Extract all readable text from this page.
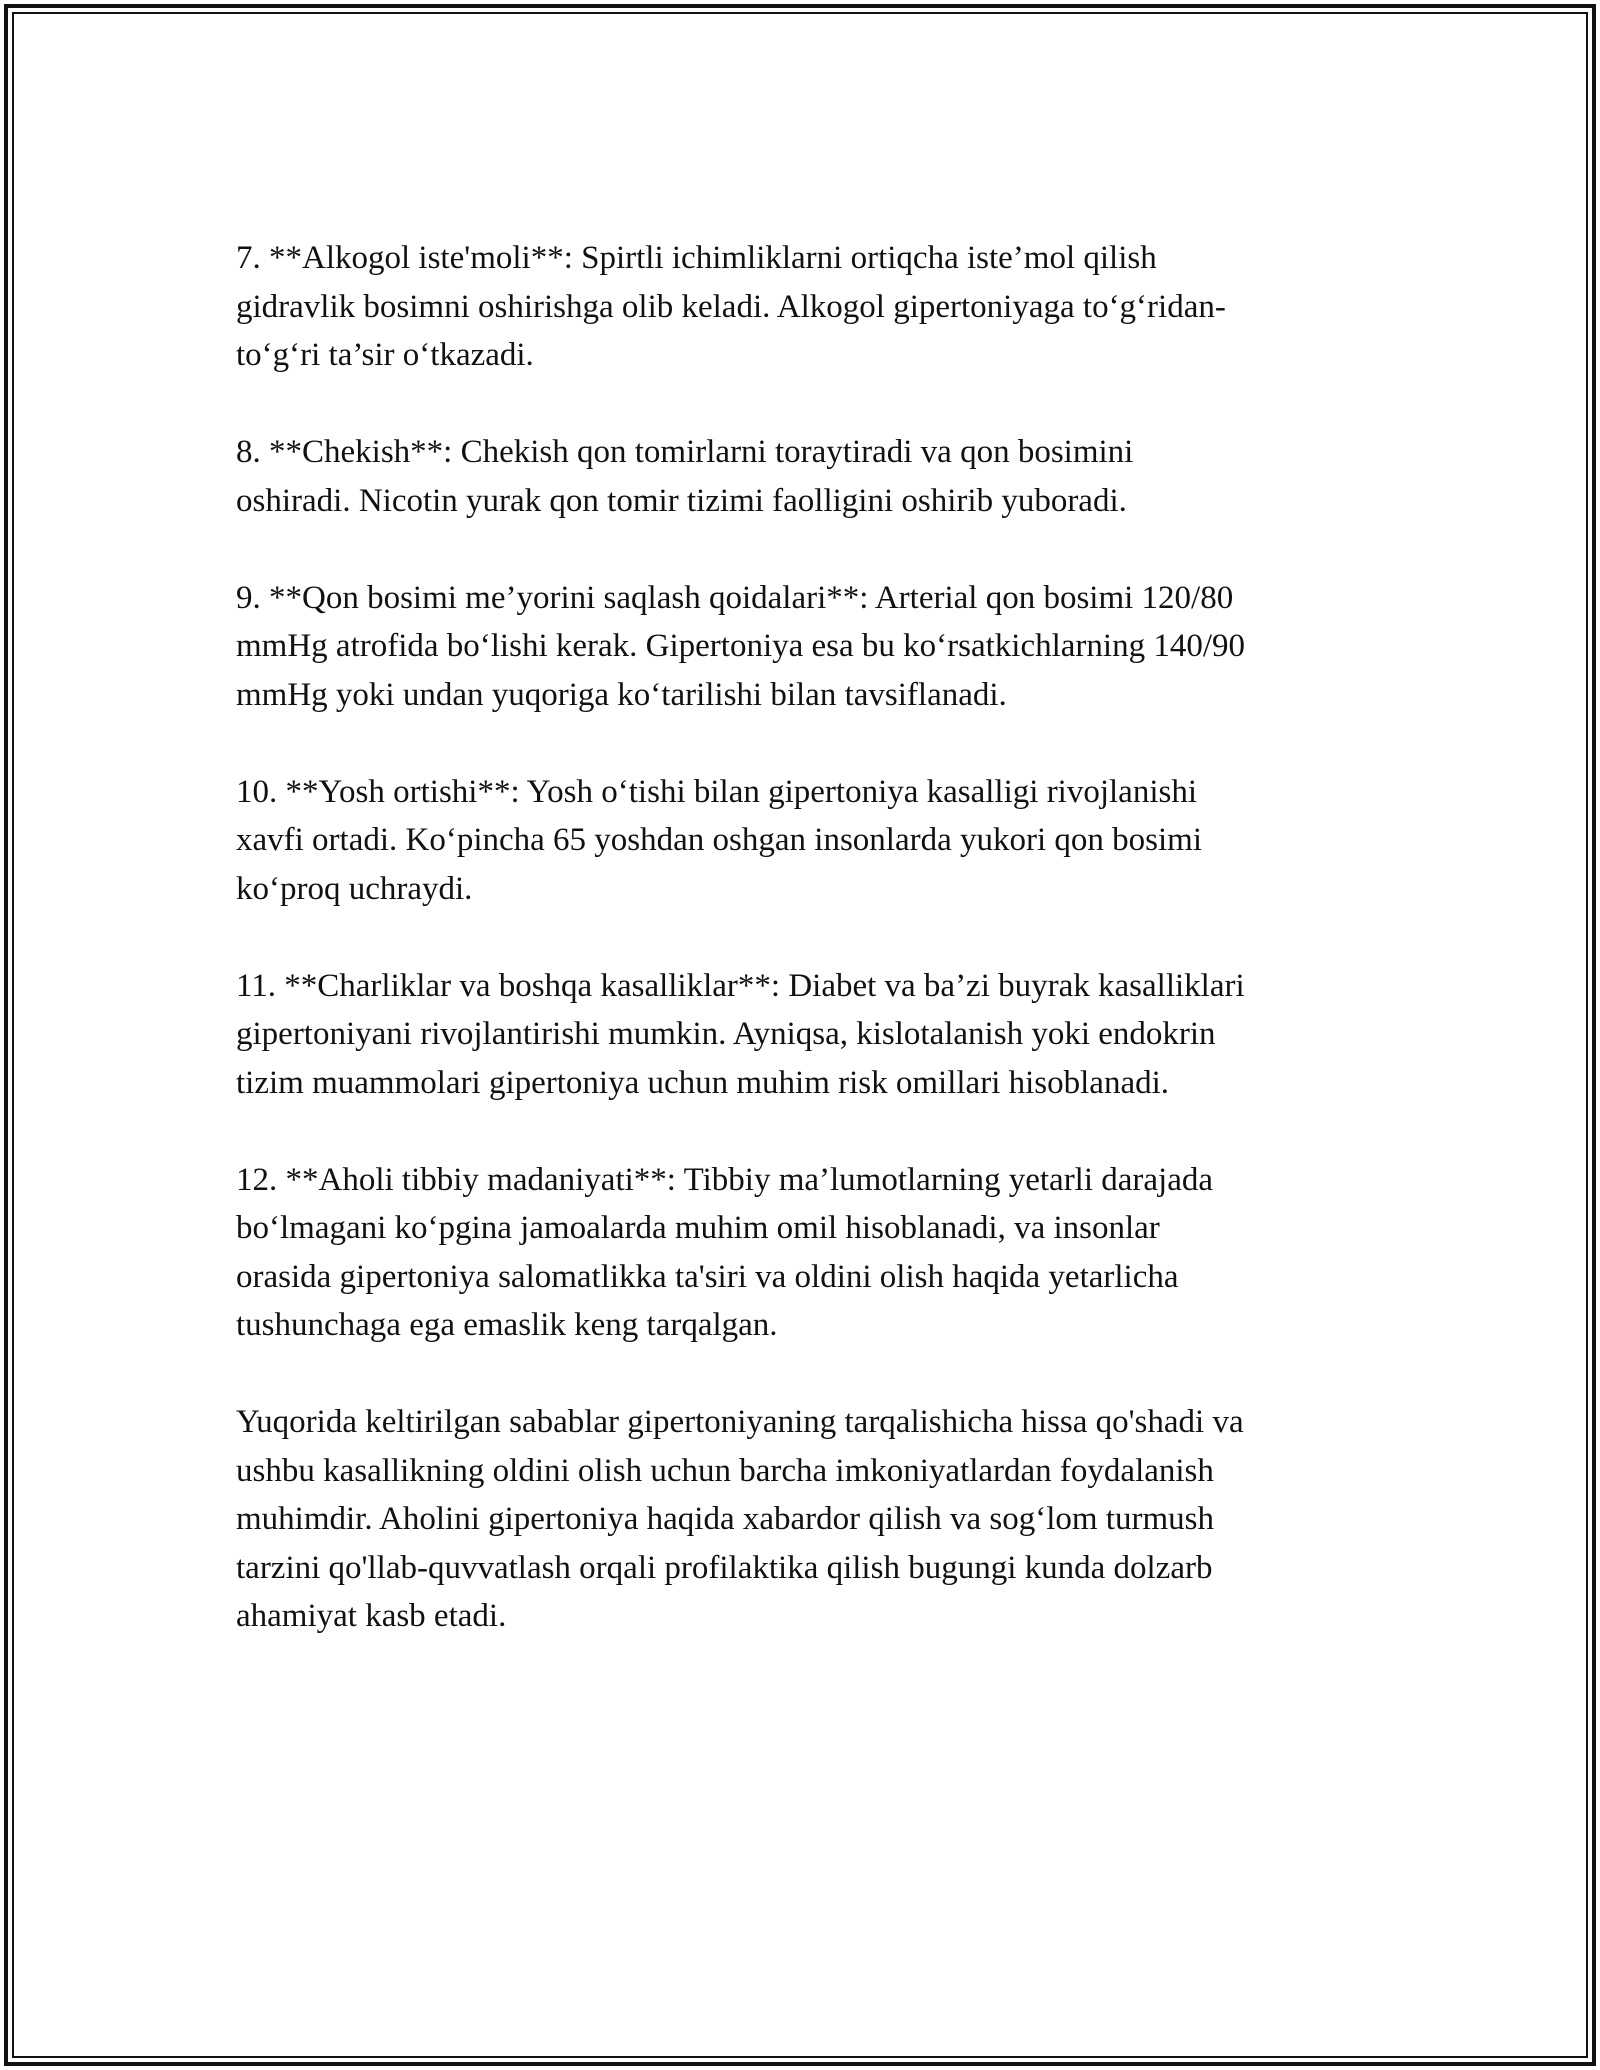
7. **Alkogol iste'moli**: Spirtli ichimliklarni ortiqcha iste’mol qilish
gidravlik bosimni oshirishga olib keladi. Alkogol gipertoniyaga to‘g‘ridan-
to‘g‘ri ta’sir o‘tkazadi.

8. **Chekish**: Chekish qon tomirlarni toraytiradi va qon bosimini
oshiradi. Nicotin yurak qon tomir tizimi faolligini oshirib yuboradi.

9. **Qon bosimi me’yorini saqlash qoidalari**: Arterial qon bosimi 120/80
mmHg atrofida bo‘lishi kerak. Gipertoniya esa bu ko‘rsatkichlarning 140/90
mmHg yoki undan yuqoriga ko‘tarilishi bilan tavsiflanadi.

10. **Yosh ortishi**: Yosh o‘tishi bilan gipertoniya kasalligi rivojlanishi
xavfi ortadi. Ko‘pincha 65 yoshdan oshgan insonlarda yukori qon bosimi
ko‘proq uchraydi.

11. **Charliklar va boshqa kasalliklar**: Diabet va ba’zi buyrak kasalliklari
gipertoniyani rivojlantirishi mumkin. Ayniqsa, kislotalanish yoki endokrin
tizim muammolari gipertoniya uchun muhim risk omillari hisoblanadi.

12. **Aholi tibbiy madaniyati**: Tibbiy ma’lumotlarning yetarli darajada
bo‘lmagani ko‘pgina jamoalarda muhim omil hisoblanadi, va insonlar
orasida gipertoniya salomatlikka ta'siri va oldini olish haqida yetarlicha
tushunchaga ega emaslik keng tarqalgan.

Yuqorida keltirilgan sabablar gipertoniyaning tarqalishicha hissa qo'shadi va
ushbu kasallikning oldini olish uchun barcha imkoniyatlardan foydalanish
muhimdir. Aholini gipertoniya haqida xabardor qilish va sog‘lom turmush
tarzini qo'llab-quvvatlash orqali profilaktika qilish bugungi kunda dolzarb
ahamiyat kasb etadi.
